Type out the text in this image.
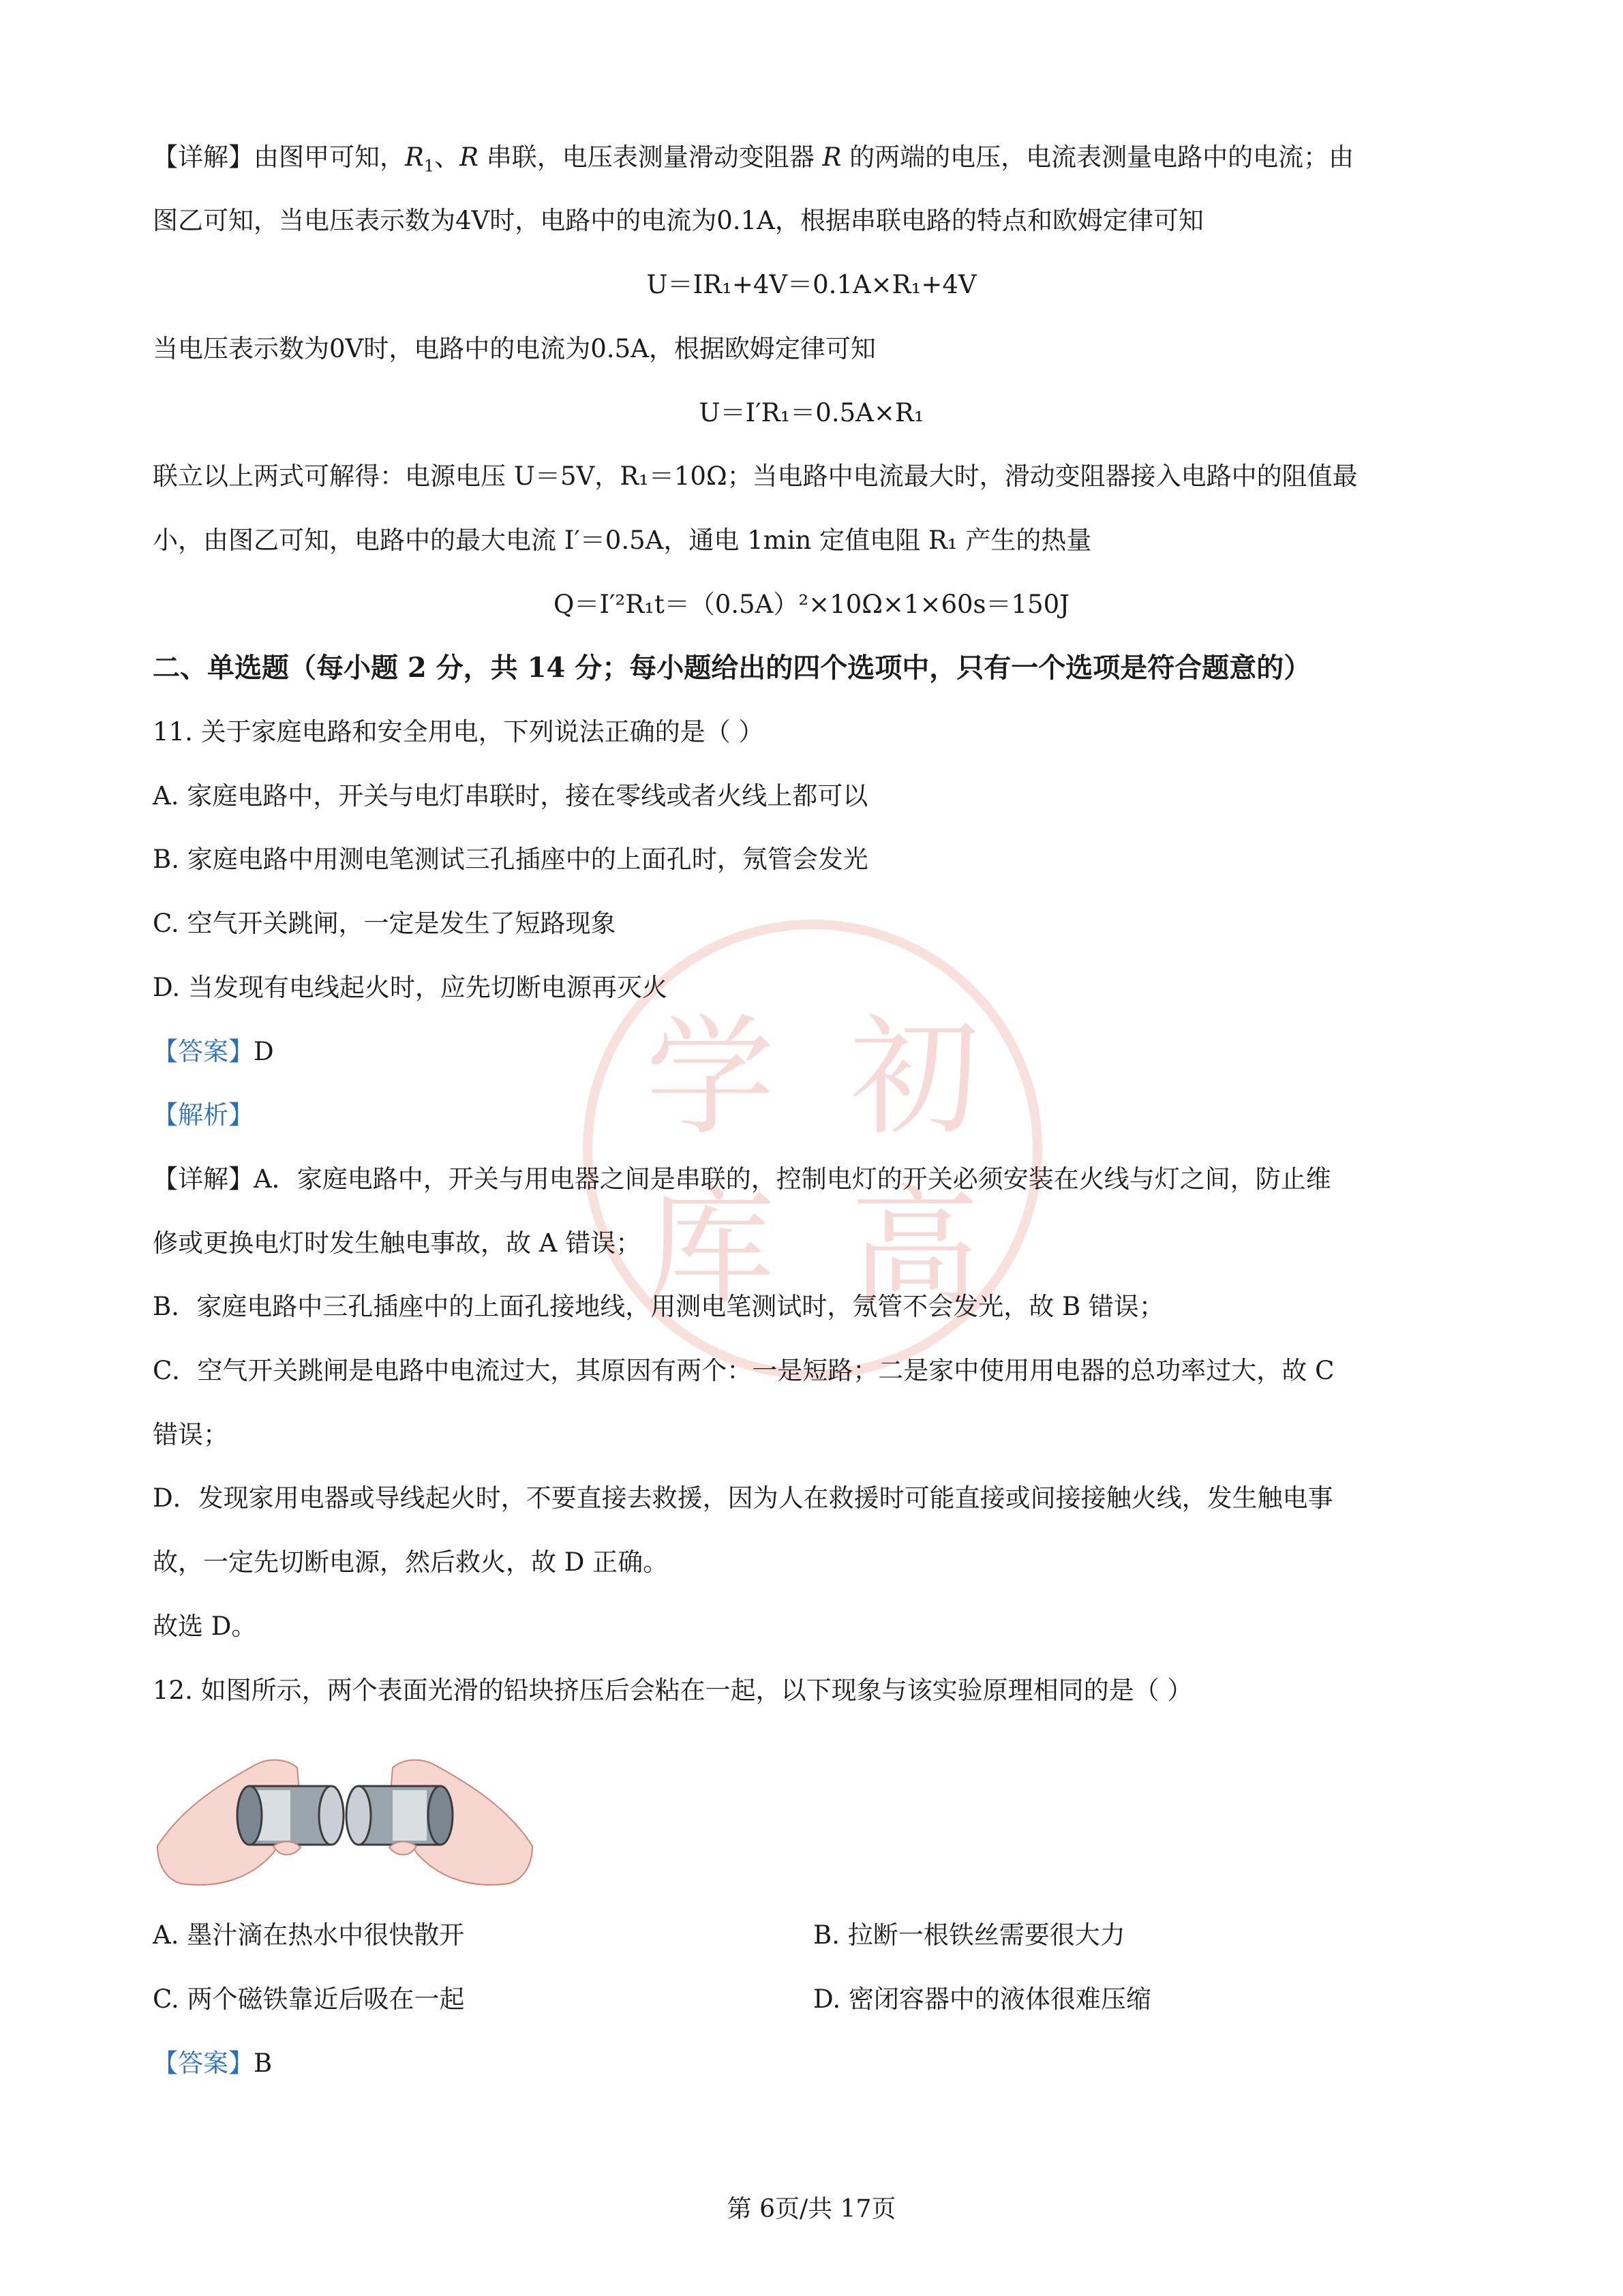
学 初
库 高
【详解】由图甲可知，$R_1$、R 串联，电压表测量滑动变阻器 R 的两端的电压，电流表测量电路中的电流；由
图乙可知，当电压表示数为4V时，电路中的电流为0.1A，根据串联电路的特点和欧姆定律可知
U＝IR₁+4V＝0.1A×R₁+4V
当电压表示数为0V时，电路中的电流为0.5A，根据欧姆定律可知
U＝I′R₁＝0.5A×R₁
联立以上两式可解得：电源电压 U＝5V，R₁＝10Ω；当电路中电流最大时，滑动变阻器接入电路中的阻值最
小，由图乙可知，电路中的最大电流 I′＝0.5A，通电 1min 定值电阻 R₁ 产生的热量
Q＝I′²R₁t＝（0.5A）²×10Ω×1×60s＝150J
二、单选题（每小题 2 分，共 14 分；每小题给出的四个选项中，只有一个选项是符合题意的）
11. 关于家庭电路和安全用电，下列说法正确的是（ ）
A. 家庭电路中，开关与电灯串联时，接在零线或者火线上都可以
B. 家庭电路中用测电笔测试三孔插座中的上面孔时，氖管会发光
C. 空气开关跳闸，一定是发生了短路现象
D. 当发现有电线起火时，应先切断电源再灭火
【答案】D
【解析】
【详解】A．家庭电路中，开关与用电器之间是串联的，控制电灯的开关必须安装在火线与灯之间，防止维
修或更换电灯时发生触电事故，故 A 错误；
B．家庭电路中三孔插座中的上面孔接地线，用测电笔测试时，氖管不会发光，故 B 错误；
C．空气开关跳闸是电路中电流过大，其原因有两个：一是短路；二是家中使用用电器的总功率过大，故 C
错误；
D．发现家用电器或导线起火时，不要直接去救援，因为人在救援时可能直接或间接接触火线，发生触电事
故，一定先切断电源，然后救火，故 D 正确。
故选 D。
12. 如图所示，两个表面光滑的铅块挤压后会粘在一起，以下现象与该实验原理相同的是（ ）
A. 墨汁滴在热水中很快散开	B. 拉断一根铁丝需要很大力
C. 两个磁铁靠近后吸在一起	D. 密闭容器中的液体很难压缩
【答案】B
第 6页/共 17页
